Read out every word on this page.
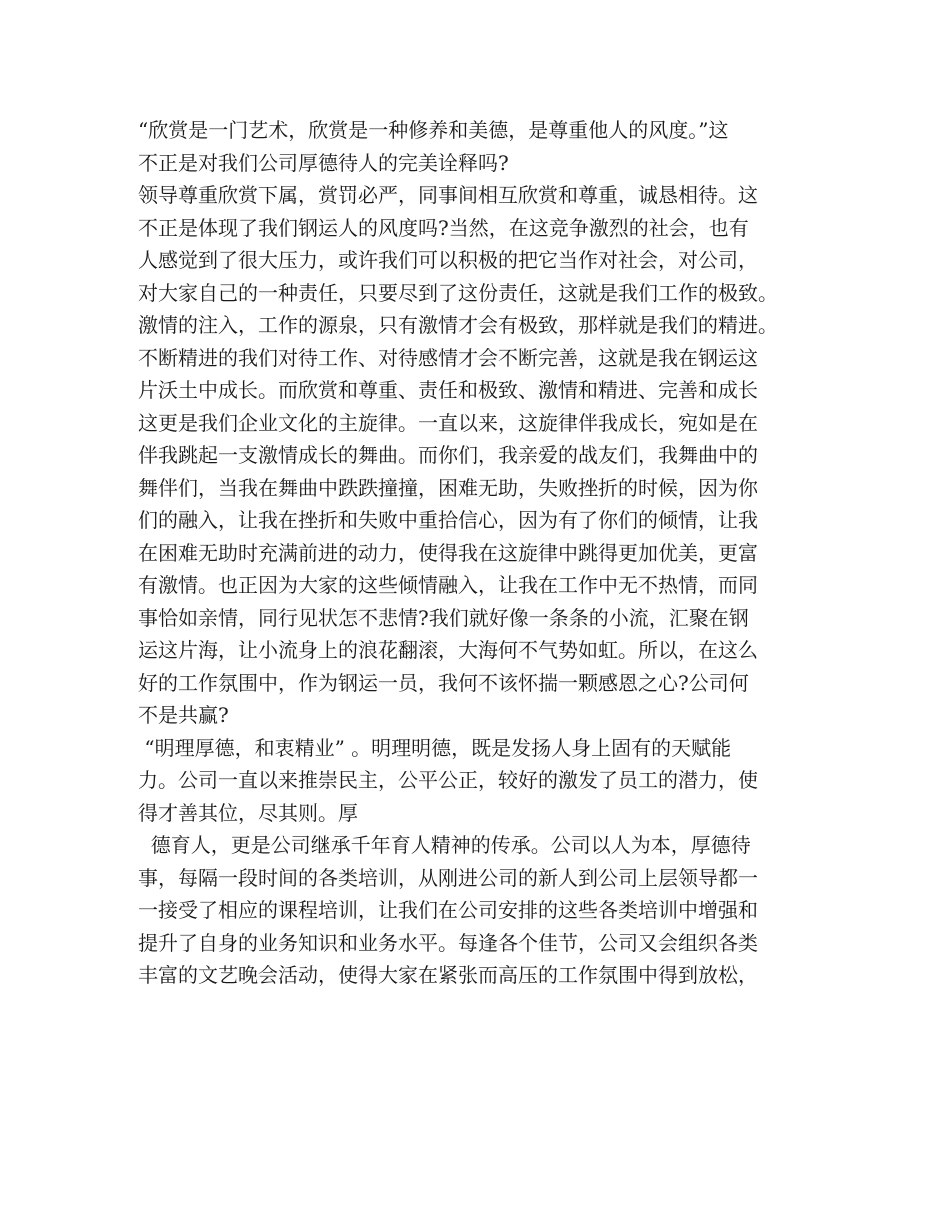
“欣赏是一门艺术，欣赏是一种修养和美德，是尊重他人的风度。”这
不正是对我们公司厚德待人的完美诠释吗?
领导尊重欣赏下属，赏罚必严，同事间相互欣赏和尊重，诚恳相待。这
不正是体现了我们钢运人的风度吗?当然，在这竞争激烈的社会，也有
人感觉到了很大压力，或许我们可以积极的把它当作对社会，对公司，
对大家自己的一种责任，只要尽到了这份责任，这就是我们工作的极致。
激情的注入，工作的源泉，只有激情才会有极致，那样就是我们的精进。
不断精进的我们对待工作、对待感情才会不断完善，这就是我在钢运这
片沃土中成长。而欣赏和尊重、责任和极致、激情和精进、完善和成长
这更是我们企业文化的主旋律。一直以来，这旋律伴我成长，宛如是在
伴我跳起一支激情成长的舞曲。而你们，我亲爱的战友们，我舞曲中的
舞伴们，当我在舞曲中跌跌撞撞，困难无助，失败挫折的时候，因为你
们的融入，让我在挫折和失败中重拾信心，因为有了你们的倾情，让我
在困难无助时充满前进的动力，使得我在这旋律中跳得更加优美，更富
有激情。也正因为大家的这些倾情融入，让我在工作中无不热情，而同
事恰如亲情，同行见状怎不悲情?我们就好像一条条的小流，汇聚在钢
运这片海，让小流身上的浪花翻滚，大海何不气势如虹。所以，在这么
好的工作氛围中，作为钢运一员，我何不该怀揣一颗感恩之心?公司何
不是共赢?
“明理厚德，和衷精业” 。明理明德，既是发扬人身上固有的天赋能
力。公司一直以来推崇民主，公平公正，较好的激发了员工的潜力，使
得才善其位，尽其则。厚
德育人，更是公司继承千年育人精神的传承。公司以人为本，厚德待
事，每隔一段时间的各类培训，从刚进公司的新人到公司上层领导都一
一接受了相应的课程培训，让我们在公司安排的这些各类培训中增强和
提升了自身的业务知识和业务水平。每逢各个佳节，公司又会组织各类
丰富的文艺晚会活动，使得大家在紧张而高压的工作氛围中得到放松，
